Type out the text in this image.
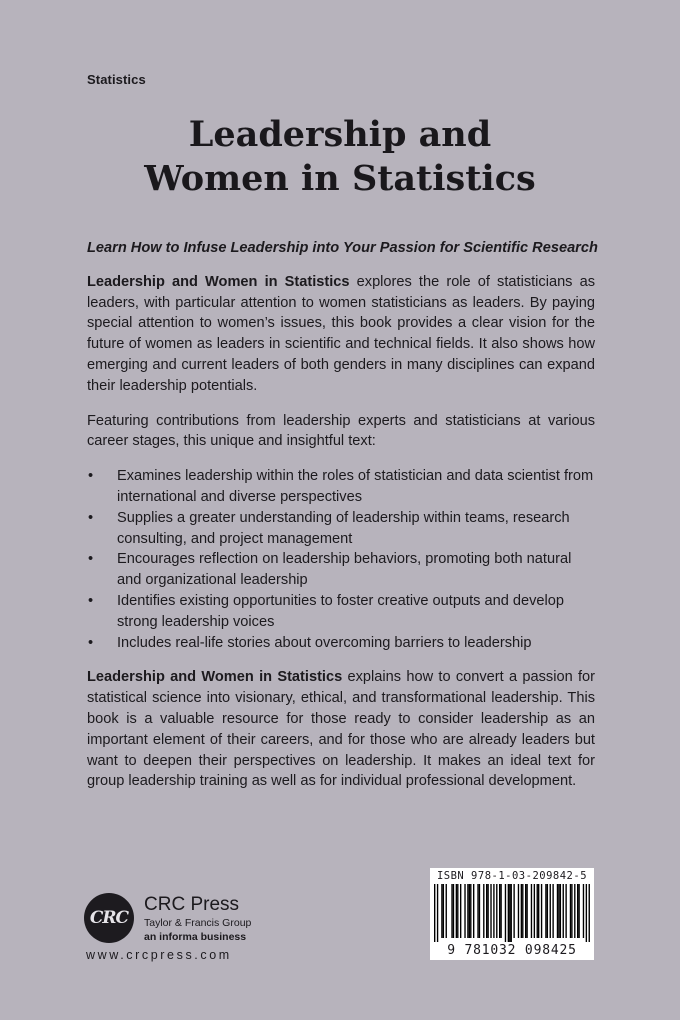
Statistics
Leadership and
Women in Statistics

Learn How to Infuse Leadership into Your Passion for Scientific Research

Leadership and Women in Statistics explores the role of statisticians as leaders, with particular attention to women statisticians as leaders. By paying special attention to women’s issues, this book provides a clear vision for the future of women as leaders in scientific and technical fields. It also shows how emerging and current leaders of both genders in many disciplines can expand their leadership potentials.

Featuring contributions from leadership experts and statisticians at various career stages, this unique and insightful text:

• Examines leadership within the roles of statistician and data scientist from international and diverse perspectives
• Supplies a greater understanding of leadership within teams, research consulting, and project management
• Encourages reflection on leadership behaviors, promoting both natural and organizational leadership
• Identifies existing opportunities to foster creative outputs and develop strong leadership voices
• Includes real-life stories about overcoming barriers to leadership

Leadership and Women in Statistics explains how to convert a passion for statistical science into visionary, ethical, and transformational leadership. This book is a valuable resource for those ready to consider leadership as an important element of their careers, and for those who are already leaders but want to deepen their perspectives on leadership. It makes an ideal text for group leadership training as well as for individual professional development.

CRC
CRC Press
Taylor & Francis Group
an informa business
www.crcpress.com
ISBN 978-1-03-209842-5
9 781032 098425
